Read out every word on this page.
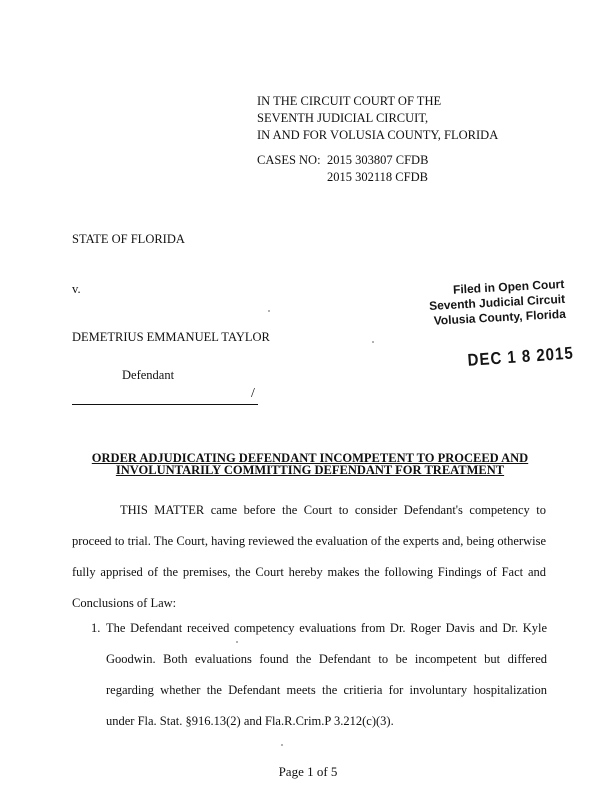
IN THE CIRCUIT COURT OF THE
SEVENTH JUDICIAL CIRCUIT,
IN AND FOR VOLUSIA COUNTY, FLORIDA
CASES NO: 2015 303807 CFDB
2015 302118 CFDB
STATE OF FLORIDA
v.
DEMETRIUS EMMANUEL TAYLOR
Defendant
/
Filed in Open Court
Seventh Judicial Circuit
Volusia County, Florida
DEC 1 8 2015
ORDER ADJUDICATING DEFENDANT INCOMPETENT TO PROCEED AND
INVOLUNTARILY COMMITTING DEFENDANT FOR TREATMENT
THIS MATTER came before the Court to consider Defendant's competency to proceed to trial. The Court, having reviewed the evaluation of the experts and, being otherwise fully apprised of the premises, the Court hereby makes the following Findings of Fact and Conclusions of Law:
1. The Defendant received competency evaluations from Dr. Roger Davis and Dr. Kyle Goodwin. Both evaluations found the Defendant to be incompetent but differed regarding whether the Defendant meets the critieria for involuntary hospitalization under Fla. Stat. §916.13(2) and Fla.R.Crim.P 3.212(c)(3).
Page 1 of 5
